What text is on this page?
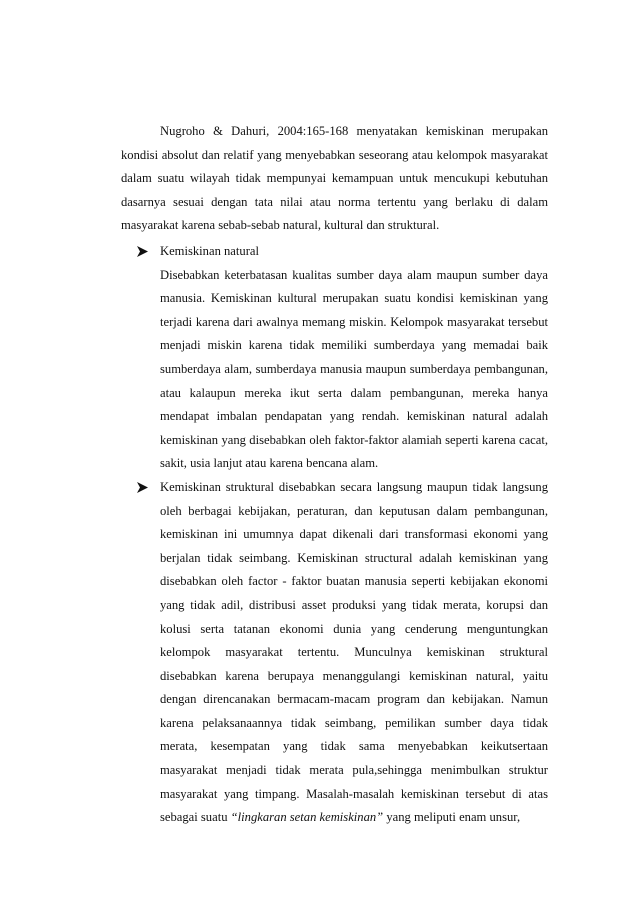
Nugroho & Dahuri, 2004:165-168 menyatakan kemiskinan merupakan kondisi absolut dan relatif yang menyebabkan seseorang atau kelompok masyarakat dalam suatu wilayah tidak mempunyai kemampuan untuk mencukupi kebutuhan dasarnya sesuai dengan tata nilai atau norma tertentu yang berlaku di dalam masyarakat karena sebab-sebab natural, kultural dan struktural.

Kemiskinan natural
Disebabkan keterbatasan kualitas sumber daya alam maupun sumber daya manusia. Kemiskinan kultural merupakan suatu kondisi kemiskinan yang terjadi karena dari awalnya memang miskin. Kelompok masyarakat tersebut menjadi miskin karena tidak memiliki sumberdaya yang memadai baik sumberdaya alam, sumberdaya manusia maupun sumberdaya pembangunan, atau kalaupun mereka ikut serta dalam pembangunan, mereka hanya mendapat imbalan pendapatan yang rendah. kemiskinan natural adalah kemiskinan yang disebabkan oleh faktor-faktor alamiah seperti karena cacat, sakit, usia lanjut atau karena bencana alam.
Kemiskinan struktural disebabkan secara langsung maupun tidak langsung oleh berbagai kebijakan, peraturan, dan keputusan dalam pembangunan, kemiskinan ini umumnya dapat dikenali dari transformasi ekonomi yang berjalan tidak seimbang. Kemiskinan structural adalah kemiskinan yang disebabkan oleh factor - faktor buatan manusia seperti kebijakan ekonomi yang tidak adil, distribusi asset produksi yang tidak merata, korupsi dan kolusi serta tatanan ekonomi dunia yang cenderung menguntungkan kelompok masyarakat tertentu. Munculnya kemiskinan struktural disebabkan karena berupaya menanggulangi kemiskinan natural, yaitu dengan direncanakan bermacam-macam program dan kebijakan. Namun karena pelaksanaannya tidak seimbang, pemilikan sumber daya tidak merata, kesempatan yang tidak sama menyebabkan keikutsertaan masyarakat menjadi tidak merata pula,sehingga menimbulkan struktur masyarakat yang timpang. Masalah-masalah kemiskinan tersebut di atas sebagai suatu “lingkaran setan kemiskinan” yang meliputi enam unsur,
